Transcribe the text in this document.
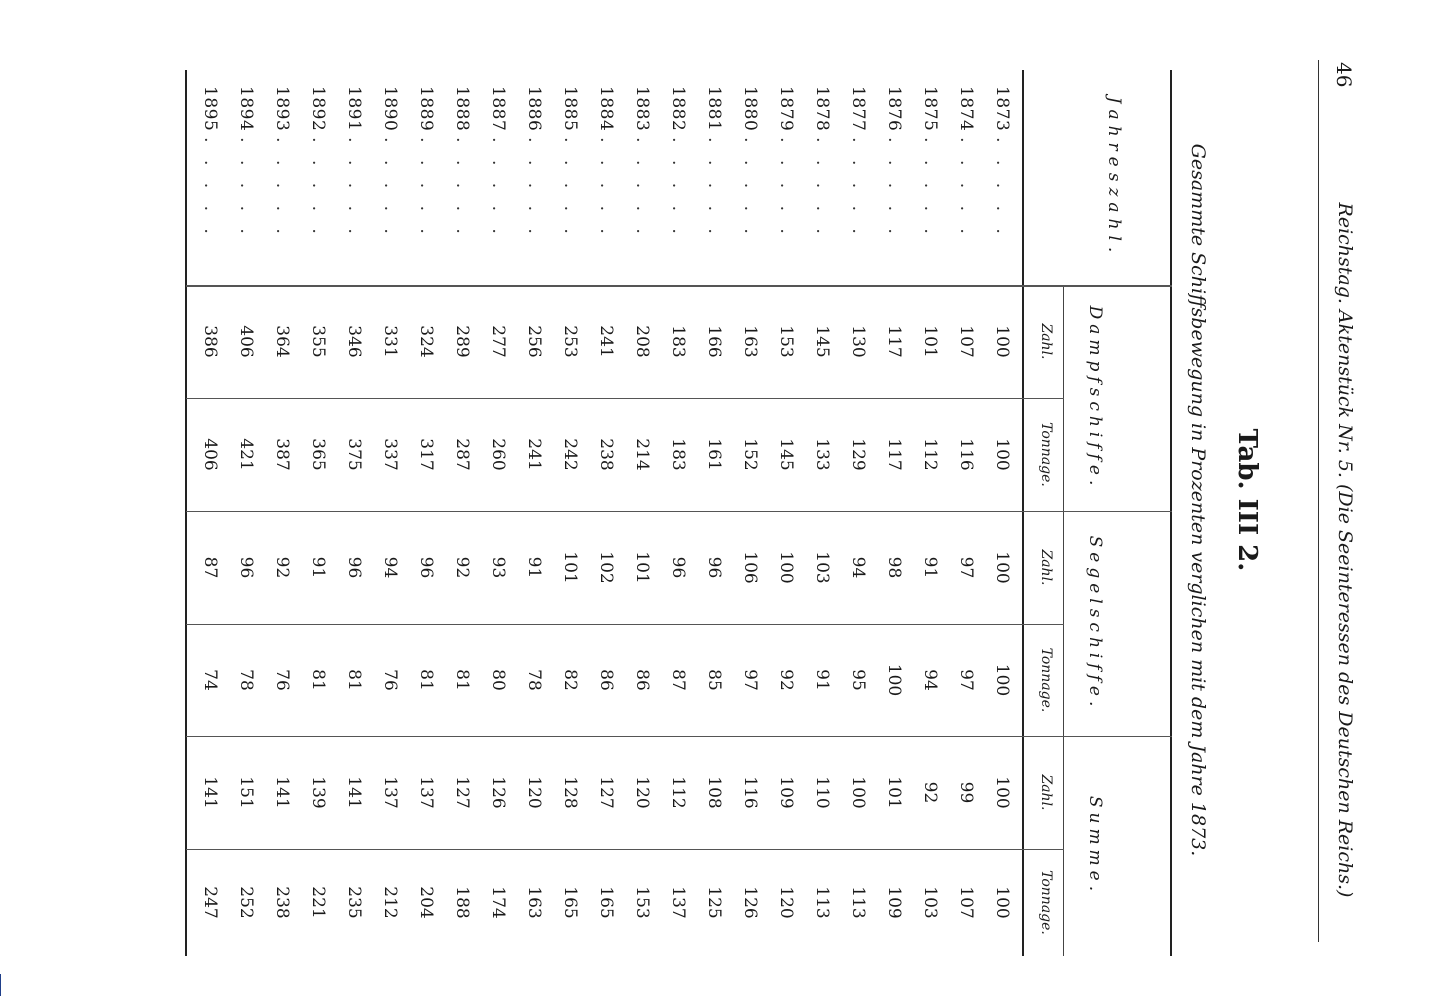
46
Reichstag. Aktenstück Nr. 5. (Die Seeinteressen des Deutschen Reichs.)
Tab. III 2.
Gesammte Schiffsbewegung in Prozenten verglichen mit dem Jahre 1873.
Jahreszahl.
Dampfschiffe.
Segelschiffe.
Summe.
Zahl.
Tonnage.
Zahl.
Tonnage.
Zahl.
Tonnage.
1873 . . . . .
100
100
100
100
100
100
1874 . . . . .
107
116
97
97
99
107
1875 . . . . .
101
112
91
94
92
103
1876 . . . . .
117
117
98
100
101
109
1877 . . . . .
130
129
94
95
100
113
1878 . . . . .
145
133
103
91
110
113
1879 . . . . .
153
145
100
92
109
120
1880 . . . . .
163
152
106
97
116
126
1881 . . . . .
166
161
96
85
108
125
1882 . . . . .
183
183
96
87
112
137
1883 . . . . .
208
214
101
86
120
153
1884 . . . . .
241
238
102
86
127
165
1885 . . . . .
253
242
101
82
128
165
1886 . . . . .
256
241
91
78
120
163
1887 . . . . .
277
260
93
80
126
174
1888 . . . . .
289
287
92
81
127
188
1889 . . . . .
324
317
96
81
137
204
1890 . . . . .
331
337
94
76
137
212
1891 . . . . .
346
375
96
81
141
235
1892 . . . . .
355
365
91
81
139
221
1893 . . . . .
364
387
92
76
141
238
1894 . . . . .
406
421
96
78
151
252
1895 . . . . .
386
406
87
74
141
247
